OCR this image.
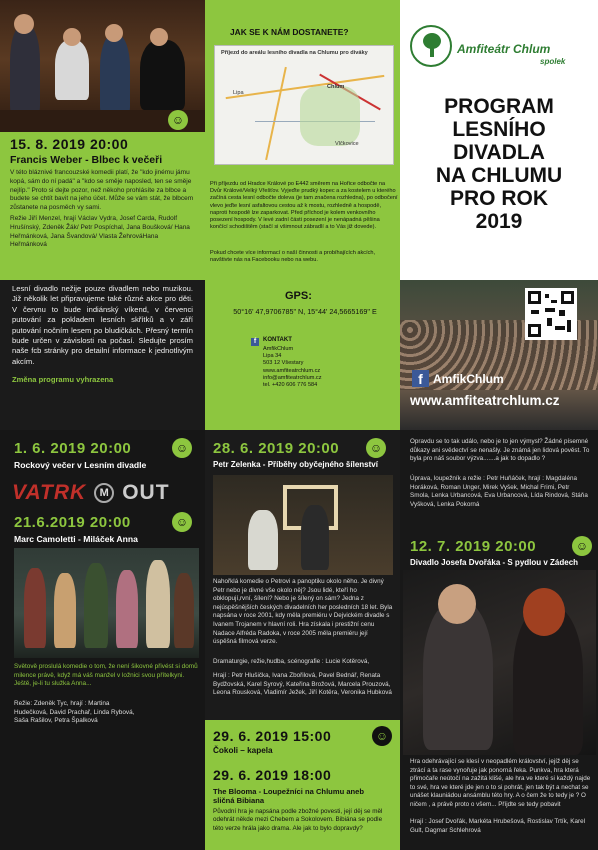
15. 8. 2019 20:00
Francis Weber - Blbec k večeři
V této bláznivé francouzské komedii platí, že "kdo jinému jámu kopá, sám do ní padá" a "kdo se směje naposled, ten se směje nejlíp." Proto si dejte pozor, než někoho prohlásíte za blbce a budete se chtít bavit na jeho účet. Může se vám stát, že blbcem zůstanete na posměch vy sami.
Režie Jiří Menzel, hrají Václav Vydra, Josef Carda, Rudolf Hrušínský, Zdeněk Žák/ Petr Pospíchal, Jana Boušková/ Hana Heřmánková, Jana Švandová/ Vlasta ŽehrováHana Heřmánková
☺
JAK SE K NÁM DOSTANETE?
Při příjezdu od Hradce Králové po E442 směrem na Hořice odbočte na Dvůr Králové/Velký Vřešťov. Vyjeďte prudký kopec a za kostelem u kterého začíná cesta lesní odbočte doleva (je tam značena rozhledna), po odbočení vlevo jeďte lesní asfaltovou cestou až k mostu, rozhledně a hospodě, naproti hospodě lze zaparkovat. Před příchod je kolem venkovního posezení hospody. V levé zadní části posezení je nenápadná pěšina končící schodištěm (stačí si všimnout zábradlí a to Vás již dovede).
Pokud chcete více informací o naší činnosti a probíhajících akcích, navštivte nás na Facebooku nebo na webu.
Příjezd do areálu lesního divadla na Chlumu pro diváky
Lipa
Chlum
Vlčkovice
Amfiteátr Chlum
spolek
PROGRAM
LESNÍHO
DIVADLA
NA CHLUMU
PRO ROK
2019
Lesní divadlo nežije pouze divadlem nebo muzikou. Již několik let připravujeme také různé akce pro děti. V červnu to bude indiánský víkend, v červenci putování za pokladem lesních skřítků a v září putování nočním lesem po bludičkách. Přesný termín bude určen v závislosti na počasí. Sledujte prosím naše fcb stránky pro detailní informace k jednotlivým akcím.
Změna programu vyhrazena
GPS:
50°16' 47,9706785" N, 15°44' 24,5665169" E
f	KONTAKT
AmfikChlum
Lipa 34
503 12 Všestary
www.amfiteatrchlum.cz
info@amfiteatrchlum.cz
tel. +420 606 776 584	f AmfikChlum
www.amfiteatrchlum.cz
☺
1. 6. 2019 20:00
Rockový večer v Lesním divadle
VATRK	M OUT
☺
21.6.2019 20:00
Marc Camoletti - Miláček Anna
Světově proslulá komedie o tom, že není šikovné přivést si domů milence právě, když má váš manžel v ložnici svou přítelkyni. Ještě, je-li tu služka Anna...
Režie: Zdeněk Tyc, hrají : Martina Hudečková, David Prachař, Linda Rybová, Saša Rašilov, Petra Špalková
28. 6. 2019 20:00	☺
Petr Zelenka - Příběhy obyčejného šílenství
Nahořklá komedie o Petrovi a panoptiku okolo něho. Je divný Petr nebo je divné vše okolo něj? Jsou lidé, kteří ho obklopují,rvní, šílení? Nebo je šílený on sám? Jedna z nejúspěšnějších českých divadelních her posledních 18 let. Byla napsána v roce 2001, kdy měla premiéru v Dejvickém divadle s Ivanem Trojanem v hlavní roli. Hra získala i prestižní cenu Nadace Alfréda Radoka, v roce 2005 měla premiéru její úspěšná filmová verze.
Dramaturgie, režie,hudba, scénografie : Lucie Kotěrová,
Hrají : Petr Hlušička, Ivana Zbořilová, Pavel Bednář, Renata Bydžovská, Karel Syrový, Kateřina Brožová, Marcela Prouzová, Leona Rousková, Vladimír Ježek, Jiří Kotěra, Veronika Hubková
29. 6. 2019 15:00
Čokoli – kapela
☺
29. 6. 2019 18:00
The Blooma - Loupežníci na Chlumu aneb sličná Bibiana
Původní hra je napsána podle zbožné povesti, její děj se měl odehrát někde mezi Chebem a Sokolovem. Bibiána se podle této verze hrála jako drama. Ale jak to bylo dopravdy?
Opravdu se to tak událo, nebo je to jen výmysl? Žádné písemné důkazy ani svědectví se nenašly. Je známá jen lidová pověst. To byla pro náš soubor výzva.......a jak to dopadlo ?
Úprava, loupežník a režie : Petr Huňáček, hrají : Magdaléna Horáková, Roman Unger, Mirek Vyšek, Michal Frimi, Petr Smola, Lenka Urbancová, Eva Urbancová, Lída Rindová, Stáňa Vyšková, Lenka Pokorná
12. 7. 2019 20:00	☺
Divadlo Josefa Dvořáka - S pydlou v Zádech
Hra odehrávající se klesí v neopadlém království, jejíž děj se ztrácí a ta rase vynořuje jak ponorná řeka. Punkva, hra která přimočaře neútočí na zažitá klišé, ale hra ve které si každý najde to své, hra ve které jde jen o to si pohrát, jen tak být a nechat se unášet klauniádou ansámblu této hry. A o čem že to tedy je ? O ničem , a právě proto o všem... Příjdte se tedy pobavit
Hrají : Josef Dvořák, Markéta Hrubešová, Rostislav Trtík, Karel Gult, Dagmar Schlehrová
